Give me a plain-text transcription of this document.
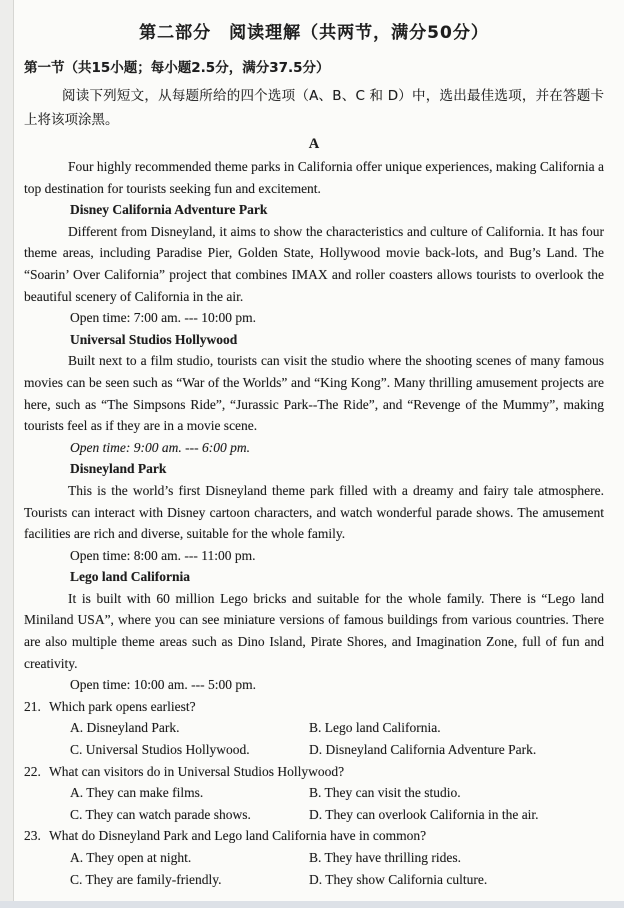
第二部分　阅读理解（共两节，满分50分）
第一节（共15小题；每小题2.5分，满分37.5分）

阅读下列短文，从每题所给的四个选项（A、B、C 和 D）中，选出最佳选项，并在答题卡上将该项涂黑。

A

Four highly recommended theme parks in California offer unique experiences, making California a top destination for tourists seeking fun and excitement.

Disney California Adventure Park

Different from Disneyland, it aims to show the characteristics and culture of California. It has four theme areas, including Paradise Pier, Golden State, Hollywood movie back-lots, and Bug’s Land. The “Soarin’ Over California” project that combines IMAX and roller coasters allows tourists to overlook the beautiful scenery of California in the air.

Open time: 7:00 am. --- 10:00 pm.
Universal Studios Hollywood

Built next to a film studio, tourists can visit the studio where the shooting scenes of many famous movies can be seen such as “War of the Worlds” and “King Kong”. Many thrilling amusement projects are here, such as “The Simpsons Ride”, “Jurassic Park--The Ride”, and “Revenge of the Mummy”, making tourists feel as if they are in a movie scene.

Open time: 9:00 am. --- 6:00 pm.
Disneyland Park

This is the world’s first Disneyland theme park filled with a dreamy and fairy tale atmosphere. Tourists can interact with Disney cartoon characters, and watch wonderful parade shows. The amusement facilities are rich and diverse, suitable for the whole family.

Open time: 8:00 am. --- 11:00 pm.
Lego land California

It is built with 60 million Lego bricks and suitable for the whole family. There is “Lego land Miniland USA”, where you can see miniature versions of famous buildings from various countries. There are also multiple theme areas such as Dino Island, Pirate Shores, and Imagination Zone, full of fun and creativity.

Open time: 10:00 am. --- 5:00 pm.
21. Which park opens earliest?
A. Disneyland Park.	B. Lego land California.
C. Universal Studios Hollywood.	D. Disneyland California Adventure Park.
22. What can visitors do in Universal Studios Hollywood?
A. They can make films.	B. They can visit the studio.
C. They can watch parade shows.	D. They can overlook California in the air.
23. What do Disneyland Park and Lego land California have in common?
A. They open at night.	B. They have thrilling rides.
C. They are family-friendly.	D. They show California culture.
